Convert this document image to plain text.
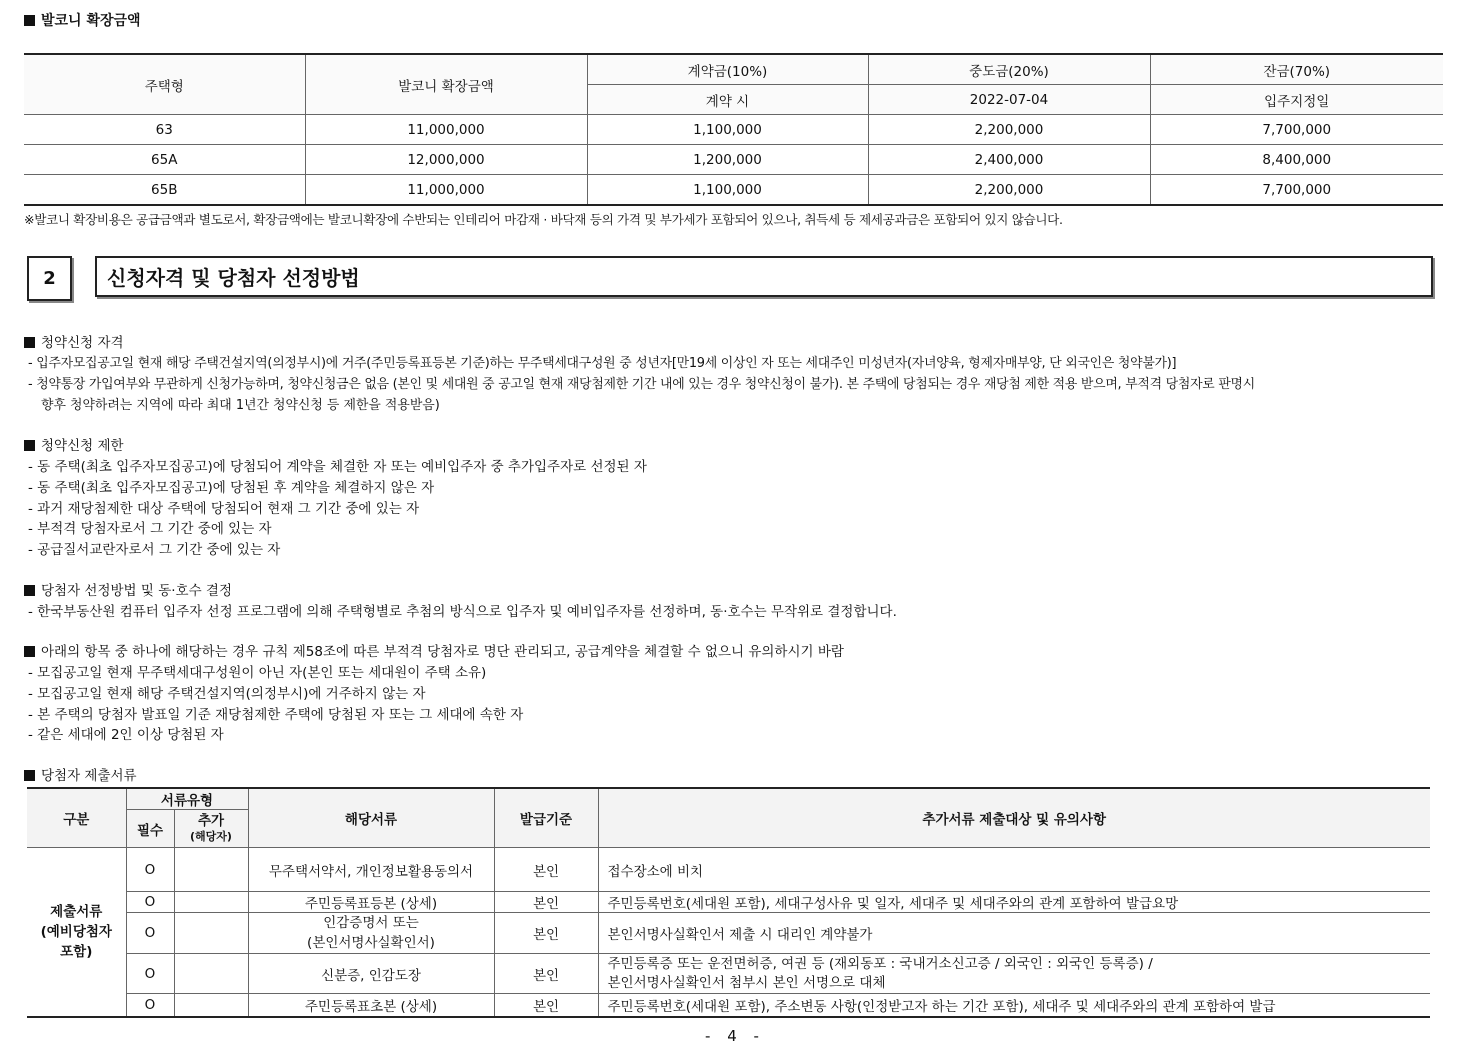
발코니 확장금액
주택형	발코니 확장금액	계약금(10%)	중도금(20%)	잔금(70%)
		계약 시	2022-07-04	입주지정일
63	11,000,000	1,100,000	2,200,000	7,700,000
65A	12,000,000	1,200,000	2,400,000	8,400,000
65B	11,000,000	1,100,000	2,200,000	7,700,000
※발코니 확장비용은 공급금액과 별도로서, 확장금액에는 발코니확장에 수반되는 인테리어 마감재 · 바닥재 등의 가격 및 부가세가 포함되어 있으나, 취득세 등 제세공과금은 포함되어 있지 않습니다.
2	신청자격 및 당첨자 선정방법
청약신청 자격
- 입주자모집공고일 현재 해당 주택건설지역(의정부시)에 거주(주민등록표등본 기준)하는 무주택세대구성원 중 성년자[만19세 이상인 자 또는 세대주인 미성년자(자녀양육, 형제자매부양, 단 외국인은 청약불가)]
- 청약통장 가입여부와 무관하게 신청가능하며, 청약신청금은 없음 (본인 및 세대원 중 공고일 현재 재당첨제한 기간 내에 있는 경우 청약신청이 불가). 본 주택에 당첨되는 경우 재당첨 제한 적용 받으며, 부적격 당첨자로 판명시
향후 청약하려는 지역에 따라 최대 1년간 청약신청 등 제한을 적용받음)
청약신청 제한
- 동 주택(최초 입주자모집공고)에 당첨되어 계약을 체결한 자 또는 예비입주자 중 추가입주자로 선정된 자
- 동 주택(최초 입주자모집공고)에 당첨된 후 계약을 체결하지 않은 자
- 과거 재당첨제한 대상 주택에 당첨되어 현재 그 기간 중에 있는 자
- 부적격 당첨자로서 그 기간 중에 있는 자
- 공급질서교란자로서 그 기간 중에 있는 자
당첨자 선정방법 및 동·호수 결정
- 한국부동산원 컴퓨터 입주자 선정 프로그램에 의해 주택형별로 추첨의 방식으로 입주자 및 예비입주자를 선정하며, 동·호수는 무작위로 결정합니다.
아래의 항목 중 하나에 해당하는 경우 규칙 제58조에 따른 부적격 당첨자로 명단 관리되고, 공급계약을 체결할 수 없으니 유의하시기 바람
- 모집공고일 현재 무주택세대구성원이 아닌 자(본인 또는 세대원이 주택 소유)
- 모집공고일 현재 해당 주택건설지역(의정부시)에 거주하지 않는 자
- 본 주택의 당첨자 발표일 기준 재당첨제한 주택에 당첨된 자 또는 그 세대에 속한 자
- 같은 세대에 2인 이상 당첨된 자
당첨자 제출서류
구분	서류유형		해당서류	발급기준	추가서류 제출대상 및 유의사항
	필수	추가
(해당자)			

제출서류
(예비당첨자
포함)	O		무주택서약서, 개인정보활용동의서	본인	접수장소에 비치
	O		주민등록표등본 (상세)	본인	주민등록번호(세대원 포함), 세대구성사유 및 일자, 세대주 및 세대주와의 관계 포함하여 발급요망
	O		인감증명서 또는
(본인서명사실확인서)	본인	본인서명사실확인서 제출 시 대리인 계약불가
	O		신분증, 인감도장	본인	주민등록증 또는 운전면허증, 여권 등 (재외동포 : 국내거소신고증 / 외국인 : 외국인 등록증) /
본인서명사실확인서 첨부시 본인 서명으로 대체

	O		주민등록표초본 (상세)	본인	주민등록번호(세대원 포함), 주소변동 사항(인정받고자 하는 기간 포함), 세대주 및 세대주와의 관계 포함하여 발급
- 4 -
